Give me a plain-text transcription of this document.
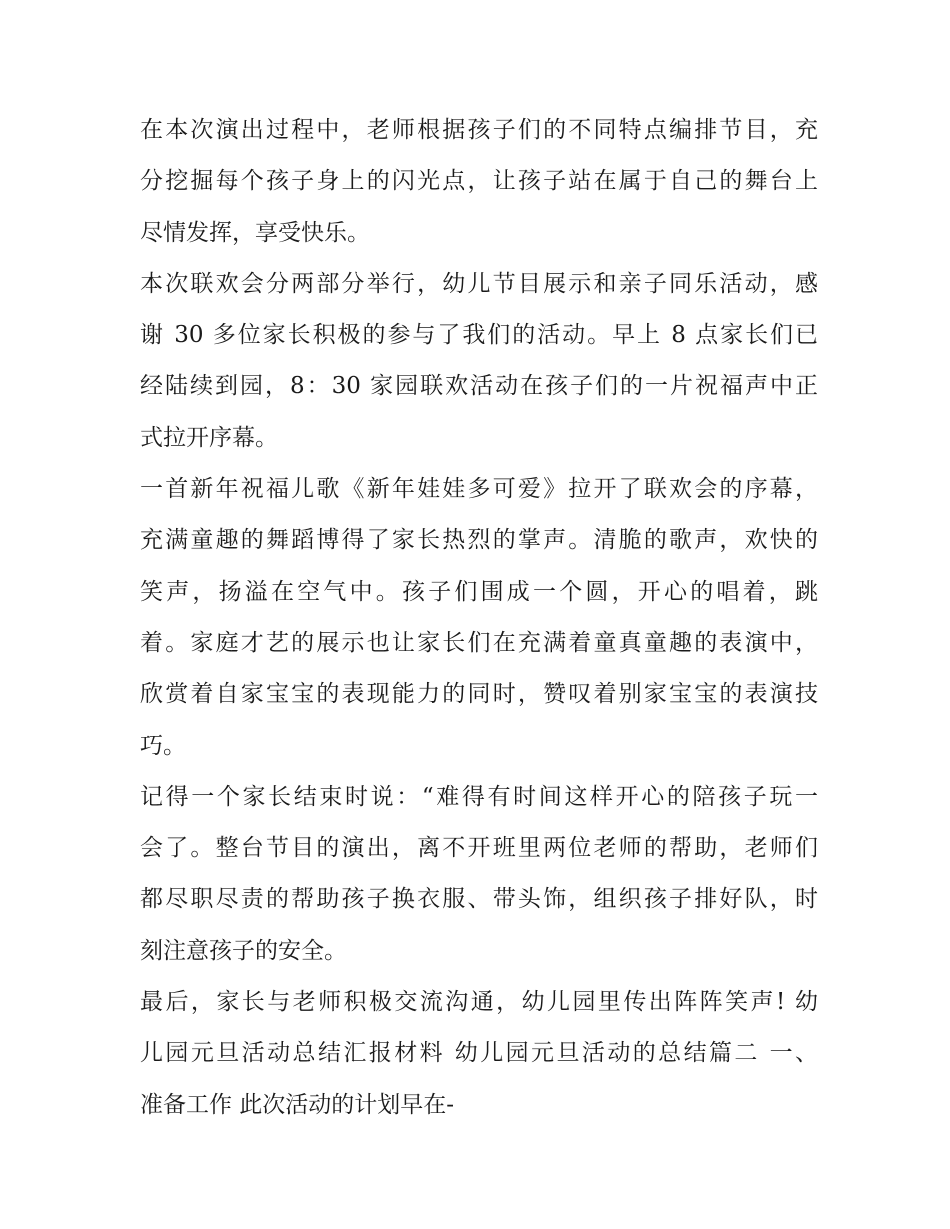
在本次演出过程中，老师根据孩子们的不同特点编排节目，充
分挖掘每个孩子身上的闪光点，让孩子站在属于自己的舞台上
尽情发挥，享受快乐。
本次联欢会分两部分举行，幼儿节目展示和亲子同乐活动，感
谢 30 多位家长积极的参与了我们的活动。早上 8 点家长们已
经陆续到园，8：30 家园联欢活动在孩子们的一片祝福声中正
式拉开序幕。
一首新年祝福儿歌《新年娃娃多可爱》拉开了联欢会的序幕，
充满童趣的舞蹈博得了家长热烈的掌声。清脆的歌声，欢快的
笑声，扬溢在空气中。孩子们围成一个圆，开心的唱着，跳
着。家庭才艺的展示也让家长们在充满着童真童趣的表演中，
欣赏着自家宝宝的表现能力的同时，赞叹着别家宝宝的表演技
巧。
记得一个家长结束时说：“难得有时间这样开心的陪孩子玩一
会了。整台节目的演出，离不开班里两位老师的帮助，老师们
都尽职尽责的帮助孩子换衣服、带头饰，组织孩子排好队，时
刻注意孩子的安全。
最后，家长与老师积极交流沟通，幼儿园里传出阵阵笑声! 幼
儿园元旦活动总结汇报材料 幼儿园元旦活动的总结篇二 一、
准备工作 此次活动的计划早在-
